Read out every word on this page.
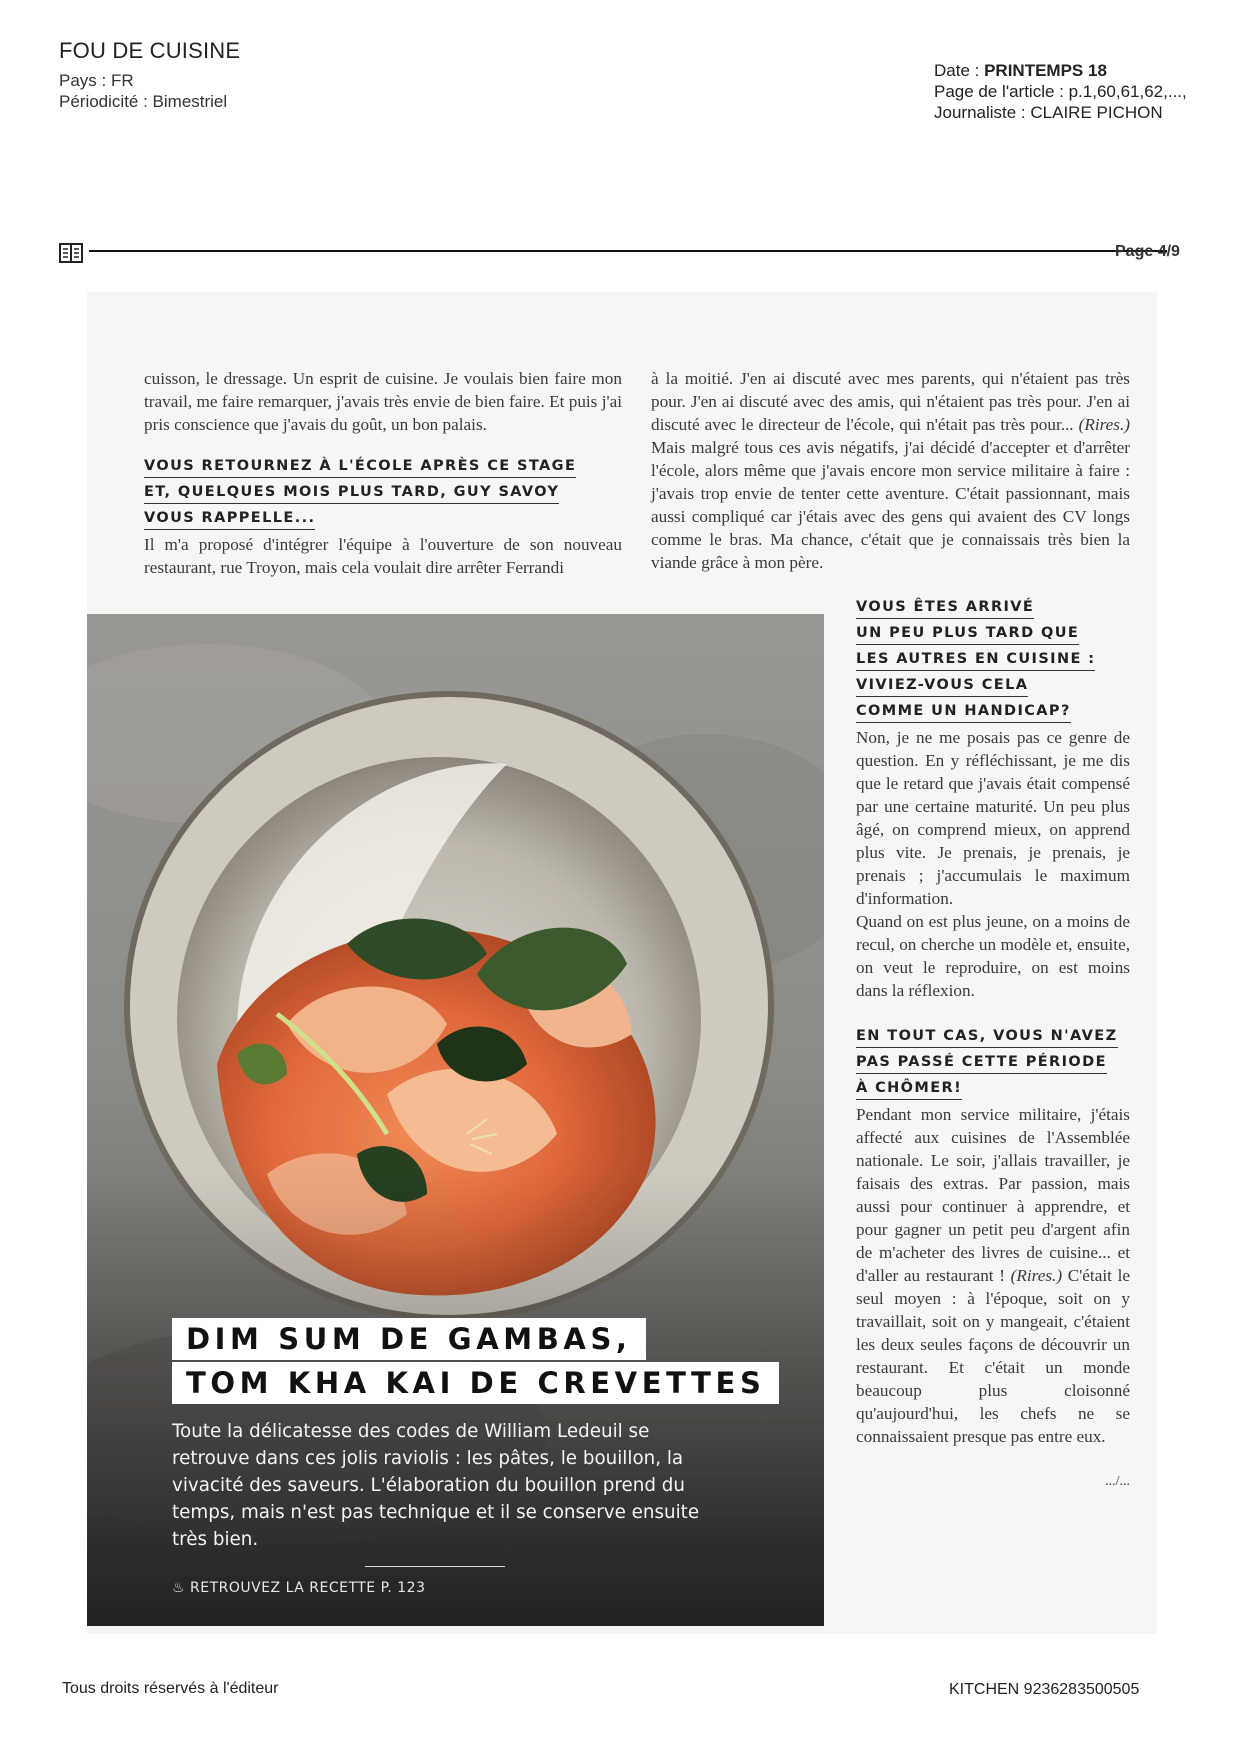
FOU DE CUISINE
Pays : FR
Périodicité : Bimestriel
Date : PRINTEMPS 18
Page de l'article : p.1,60,61,62,...,
Journaliste : CLAIRE PICHON
Page 4/9

cuisson, le dressage. Un esprit de cuisine. Je voulais bien faire mon travail, me faire remarquer, j'avais très envie de bien faire. Et puis j'ai pris conscience que j'avais du goût, un bon palais.

VOUS RETOURNEZ À L'ÉCOLE APRÈS CE STAGE
ET, QUELQUES MOIS PLUS TARD, GUY SAVOY
VOUS RAPPELLE...

Il m'a proposé d'intégrer l'équipe à l'ouverture de son nouveau restaurant, rue Troyon, mais cela voulait dire arrêter Ferrandi

à la moitié. J'en ai discuté avec mes parents, qui n'étaient pas très pour. J'en ai discuté avec des amis, qui n'étaient pas très pour. J'en ai discuté avec le directeur de l'école, qui n'était pas très pour... (Rires.) Mais malgré tous ces avis négatifs, j'ai décidé d'accepter et d'arrêter l'école, alors même que j'avais encore mon service militaire à faire : j'avais trop envie de tenter cette aventure. C'était passionnant, mais aussi compliqué car j'étais avec des gens qui avaient des CV longs comme le bras. Ma chance, c'était que je connaissais très bien la viande grâce à mon père.

VOUS ÊTES ARRIVÉ
UN PEU PLUS TARD QUE
LES AUTRES EN CUISINE :
VIVIEZ-VOUS CELA
COMME UN HANDICAP?

Non, je ne me posais pas ce genre de question. En y réfléchissant, je me dis que le retard que j'avais était compensé par une certaine maturité. Un peu plus âgé, on comprend mieux, on apprend plus vite. Je prenais, je prenais, je prenais ; j'accumulais le maximum d'information.

Quand on est plus jeune, on a moins de recul, on cherche un modèle et, ensuite, on veut le reproduire, on est moins dans la réflexion.

EN TOUT CAS, VOUS N'AVEZ
PAS PASSÉ CETTE PÉRIODE
À CHÔMER!

Pendant mon service militaire, j'étais affecté aux cuisines de l'Assemblée nationale. Le soir, j'allais travailler, je faisais des extras. Par passion, mais aussi pour continuer à apprendre, et pour gagner un petit peu d'argent afin de m'acheter des livres de cuisine... et d'aller au restaurant ! (Rires.) C'était le seul moyen : à l'époque, soit on y travaillait, soit on y mangeait, c'étaient les deux seules façons de découvrir un restaurant. Et c'était un monde beaucoup plus cloisonné qu'aujourd'hui, les chefs ne se connaissaient presque pas entre eux.

.../...

DIM SUM DE GAMBAS,
TOM KHA KAI DE CREVETTES
Toute la délicatesse des codes de William Ledeuil se retrouve dans ces jolis raviolis : les pâtes, le bouillon, la vivacité des saveurs. L'élaboration du bouillon prend du temps, mais n'est pas technique et il se conserve ensuite très bien.
♨ RETROUVEZ LA RECETTE P. 123
Tous droits réservés à l'éditeur	KITCHEN 9236283500505
